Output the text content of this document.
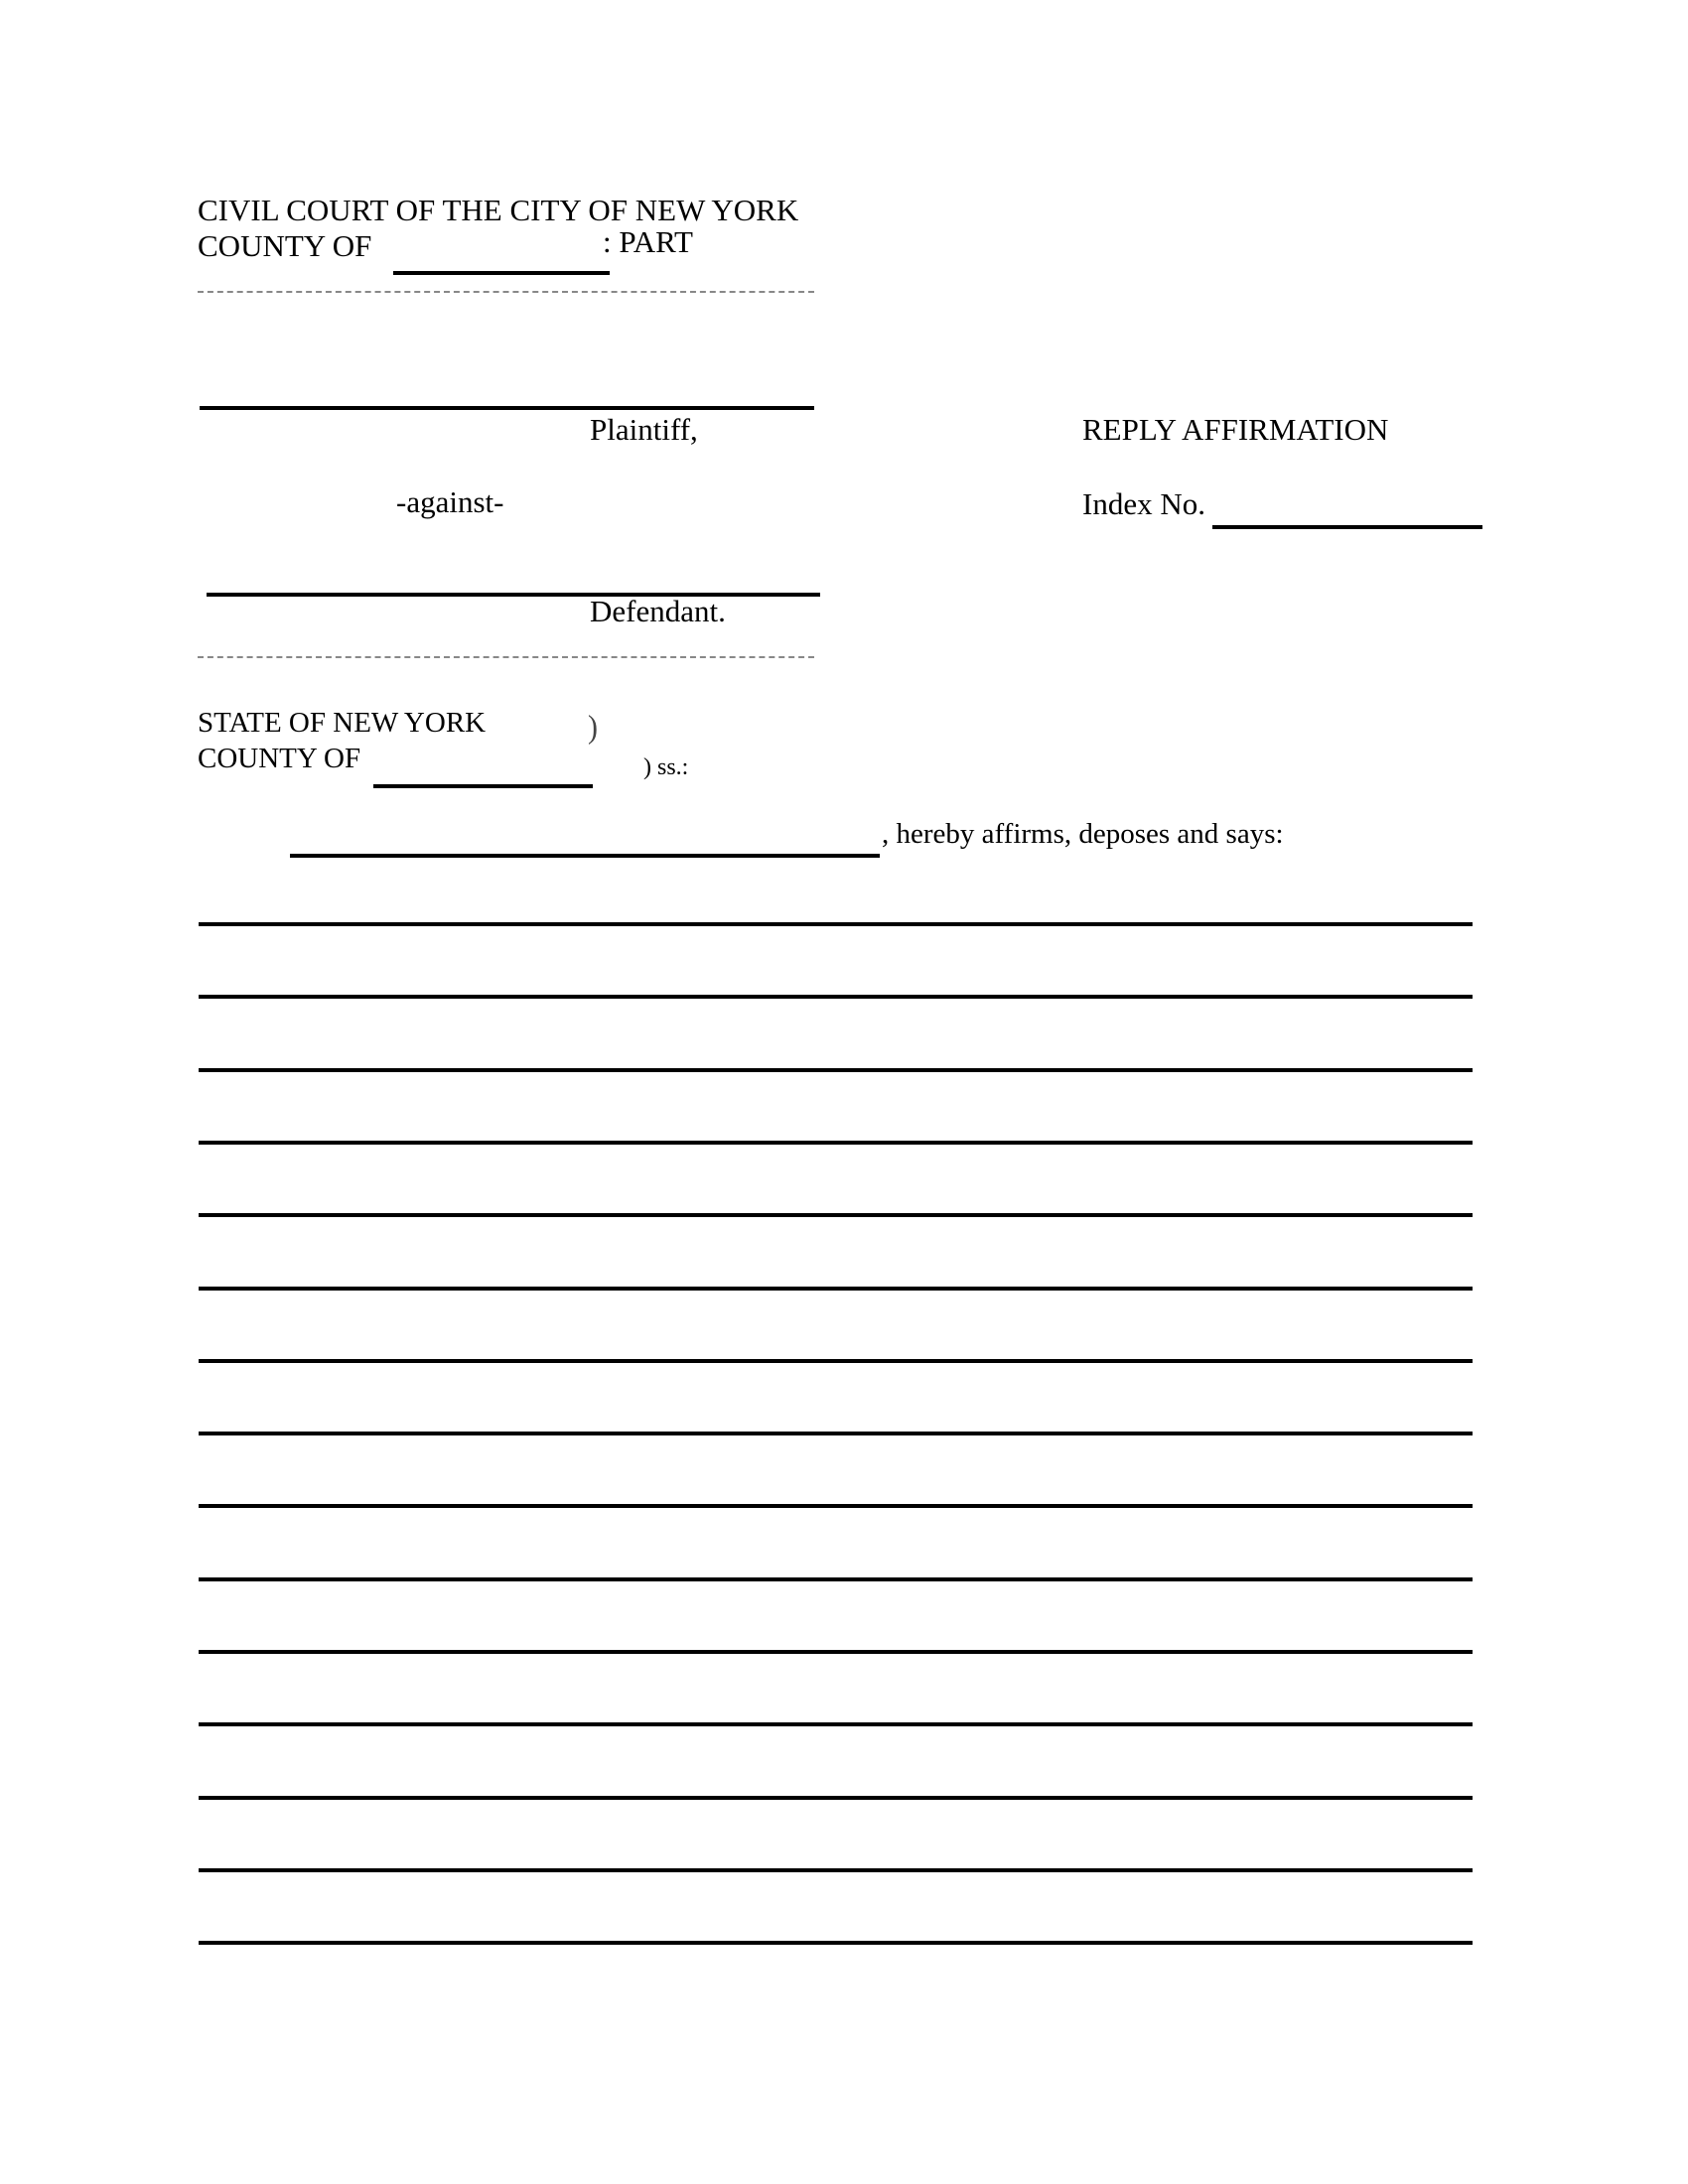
CIVIL COURT OF THE CITY OF NEW YORK
COUNTY OF	: PART
Plaintiff,	REPLY AFFIRMATION
-against-	Index No.
Defendant.
STATE OF NEW YORK	)
COUNTY OF	) ss.:
, hereby affirms, deposes and says:
